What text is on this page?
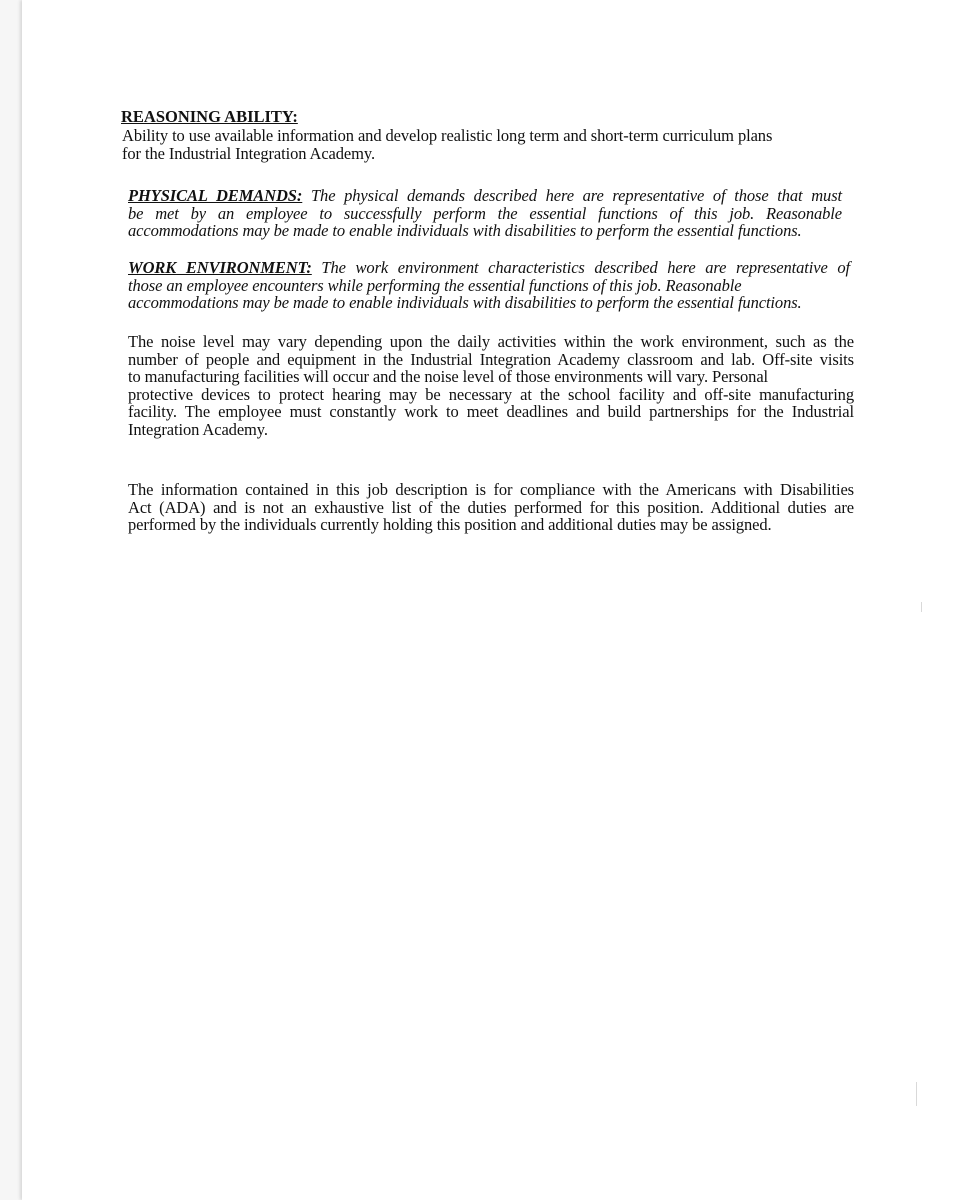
REASONING ABILITY:
Ability to use available information and develop realistic long term and short-term curriculum plans
for the Industrial Integration Academy.
PHYSICAL DEMANDS: The physical demands described here are representative of those that must
be met by an employee to successfully perform the essential functions of this job. Reasonable
accommodations may be made to enable individuals with disabilities to perform the essential functions.
WORK ENVIRONMENT: The work environment characteristics described here are representative of
those an employee encounters while performing the essential functions of this job. Reasonable
accommodations may be made to enable individuals with disabilities to perform the essential functions.
The noise level may vary depending upon the daily activities within the work environment, such as the
number of people and equipment in the Industrial Integration Academy classroom and lab. Off-site visits
to manufacturing facilities will occur and the noise level of those environments will vary. Personal
protective devices to protect hearing may be necessary at the school facility and off-site manufacturing
facility. The employee must constantly work to meet deadlines and build partnerships for the Industrial
Integration Academy.
The information contained in this job description is for compliance with the Americans with Disabilities
Act (ADA) and is not an exhaustive list of the duties performed for this position. Additional duties are
performed by the individuals currently holding this position and additional duties may be assigned.
